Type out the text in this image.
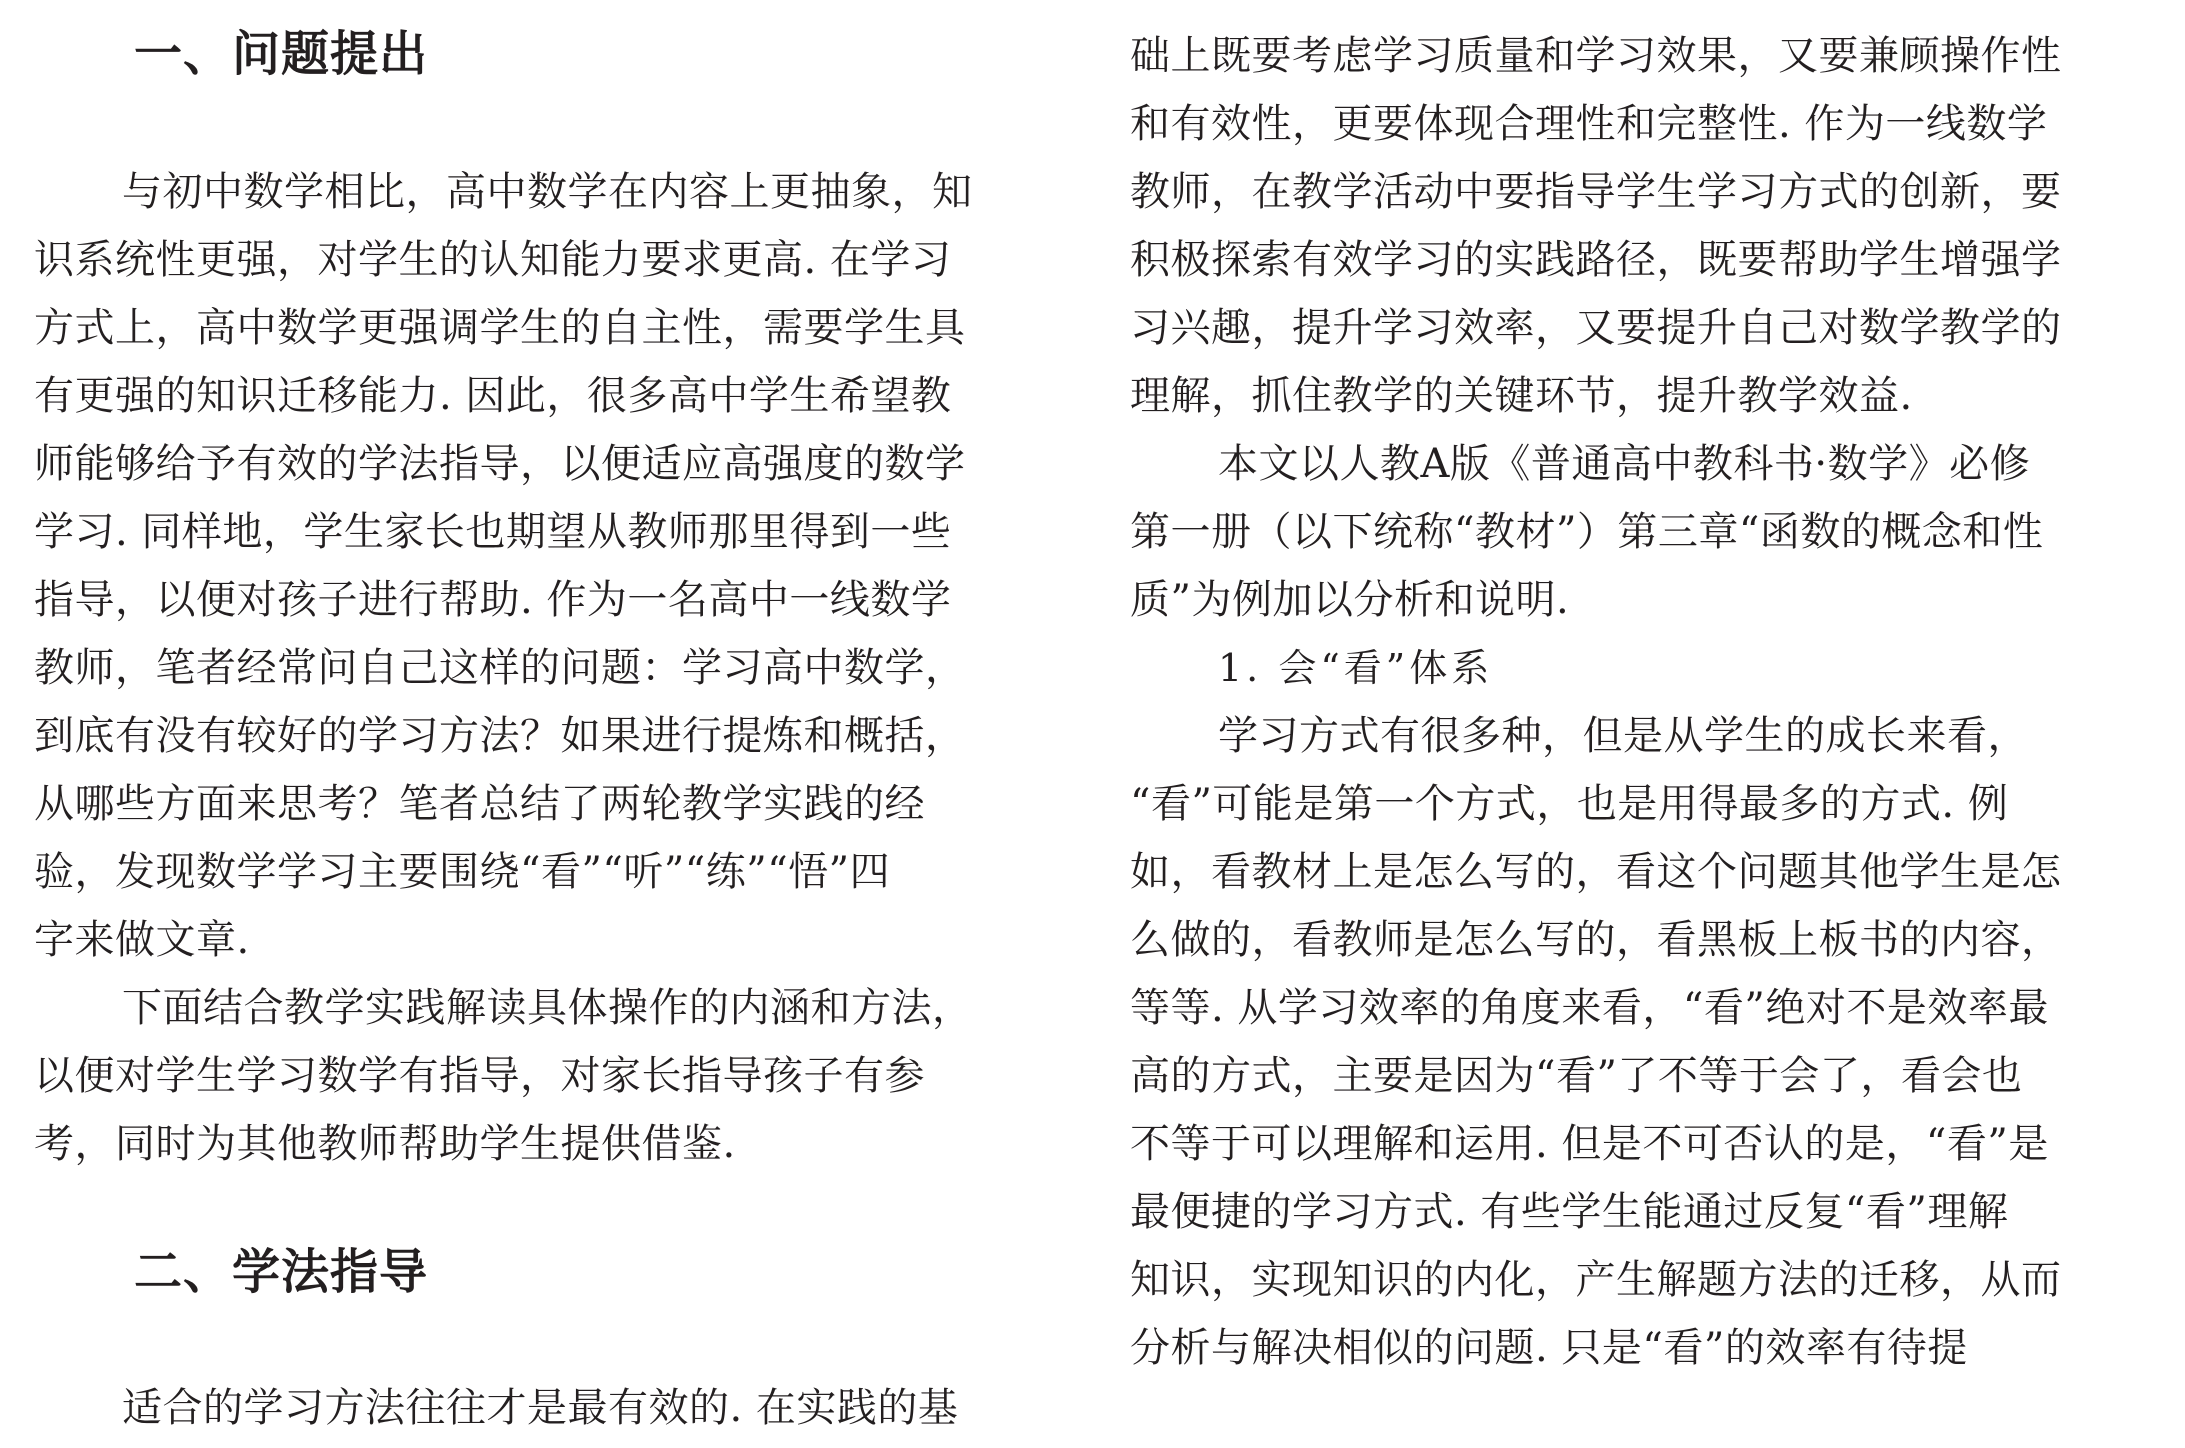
一、问题提出
与初中数学相比，高中数学在内容上更抽象，知
识系统性更强，对学生的认知能力要求更高. 在学习
方式上，高中数学更强调学生的自主性，需要学生具
有更强的知识迁移能力. 因此，很多高中学生希望教
师能够给予有效的学法指导，以便适应高强度的数学
学习. 同样地，学生家长也期望从教师那里得到一些
指导，以便对孩子进行帮助. 作为一名高中一线数学
教师，笔者经常问自己这样的问题：学习高中数学，
到底有没有较好的学习方法？如果进行提炼和概括，
从哪些方面来思考？笔者总结了两轮教学实践的经
验，发现数学学习主要围绕“看”“听”“练”“悟”四
字来做文章.
下面结合教学实践解读具体操作的内涵和方法，
以便对学生学习数学有指导，对家长指导孩子有参
考，同时为其他教师帮助学生提供借鉴.
二、学法指导
适合的学习方法往往才是最有效的. 在实践的基
础上既要考虑学习质量和学习效果，又要兼顾操作性
和有效性，更要体现合理性和完整性. 作为一线数学
教师，在教学活动中要指导学生学习方式的创新，要
积极探索有效学习的实践路径，既要帮助学生增强学
习兴趣，提升学习效率，又要提升自己对数学教学的
理解，抓住教学的关键环节，提升教学效益.
本文以人教A版《普通高中教科书·数学》必修
第一册（以下统称“教材”）第三章“函数的概念和性
质”为例加以分析和说明.
1. 会“看”体系
学习方式有很多种，但是从学生的成长来看，
“看”可能是第一个方式，也是用得最多的方式. 例
如，看教材上是怎么写的，看这个问题其他学生是怎
么做的，看教师是怎么写的，看黑板上板书的内容，
等等. 从学习效率的角度来看，“看”绝对不是效率最
高的方式，主要是因为“看”了不等于会了，看会也
不等于可以理解和运用. 但是不可否认的是，“看”是
最便捷的学习方式. 有些学生能通过反复“看”理解
知识，实现知识的内化，产生解题方法的迁移，从而
分析与解决相似的问题. 只是“看”的效率有待提
